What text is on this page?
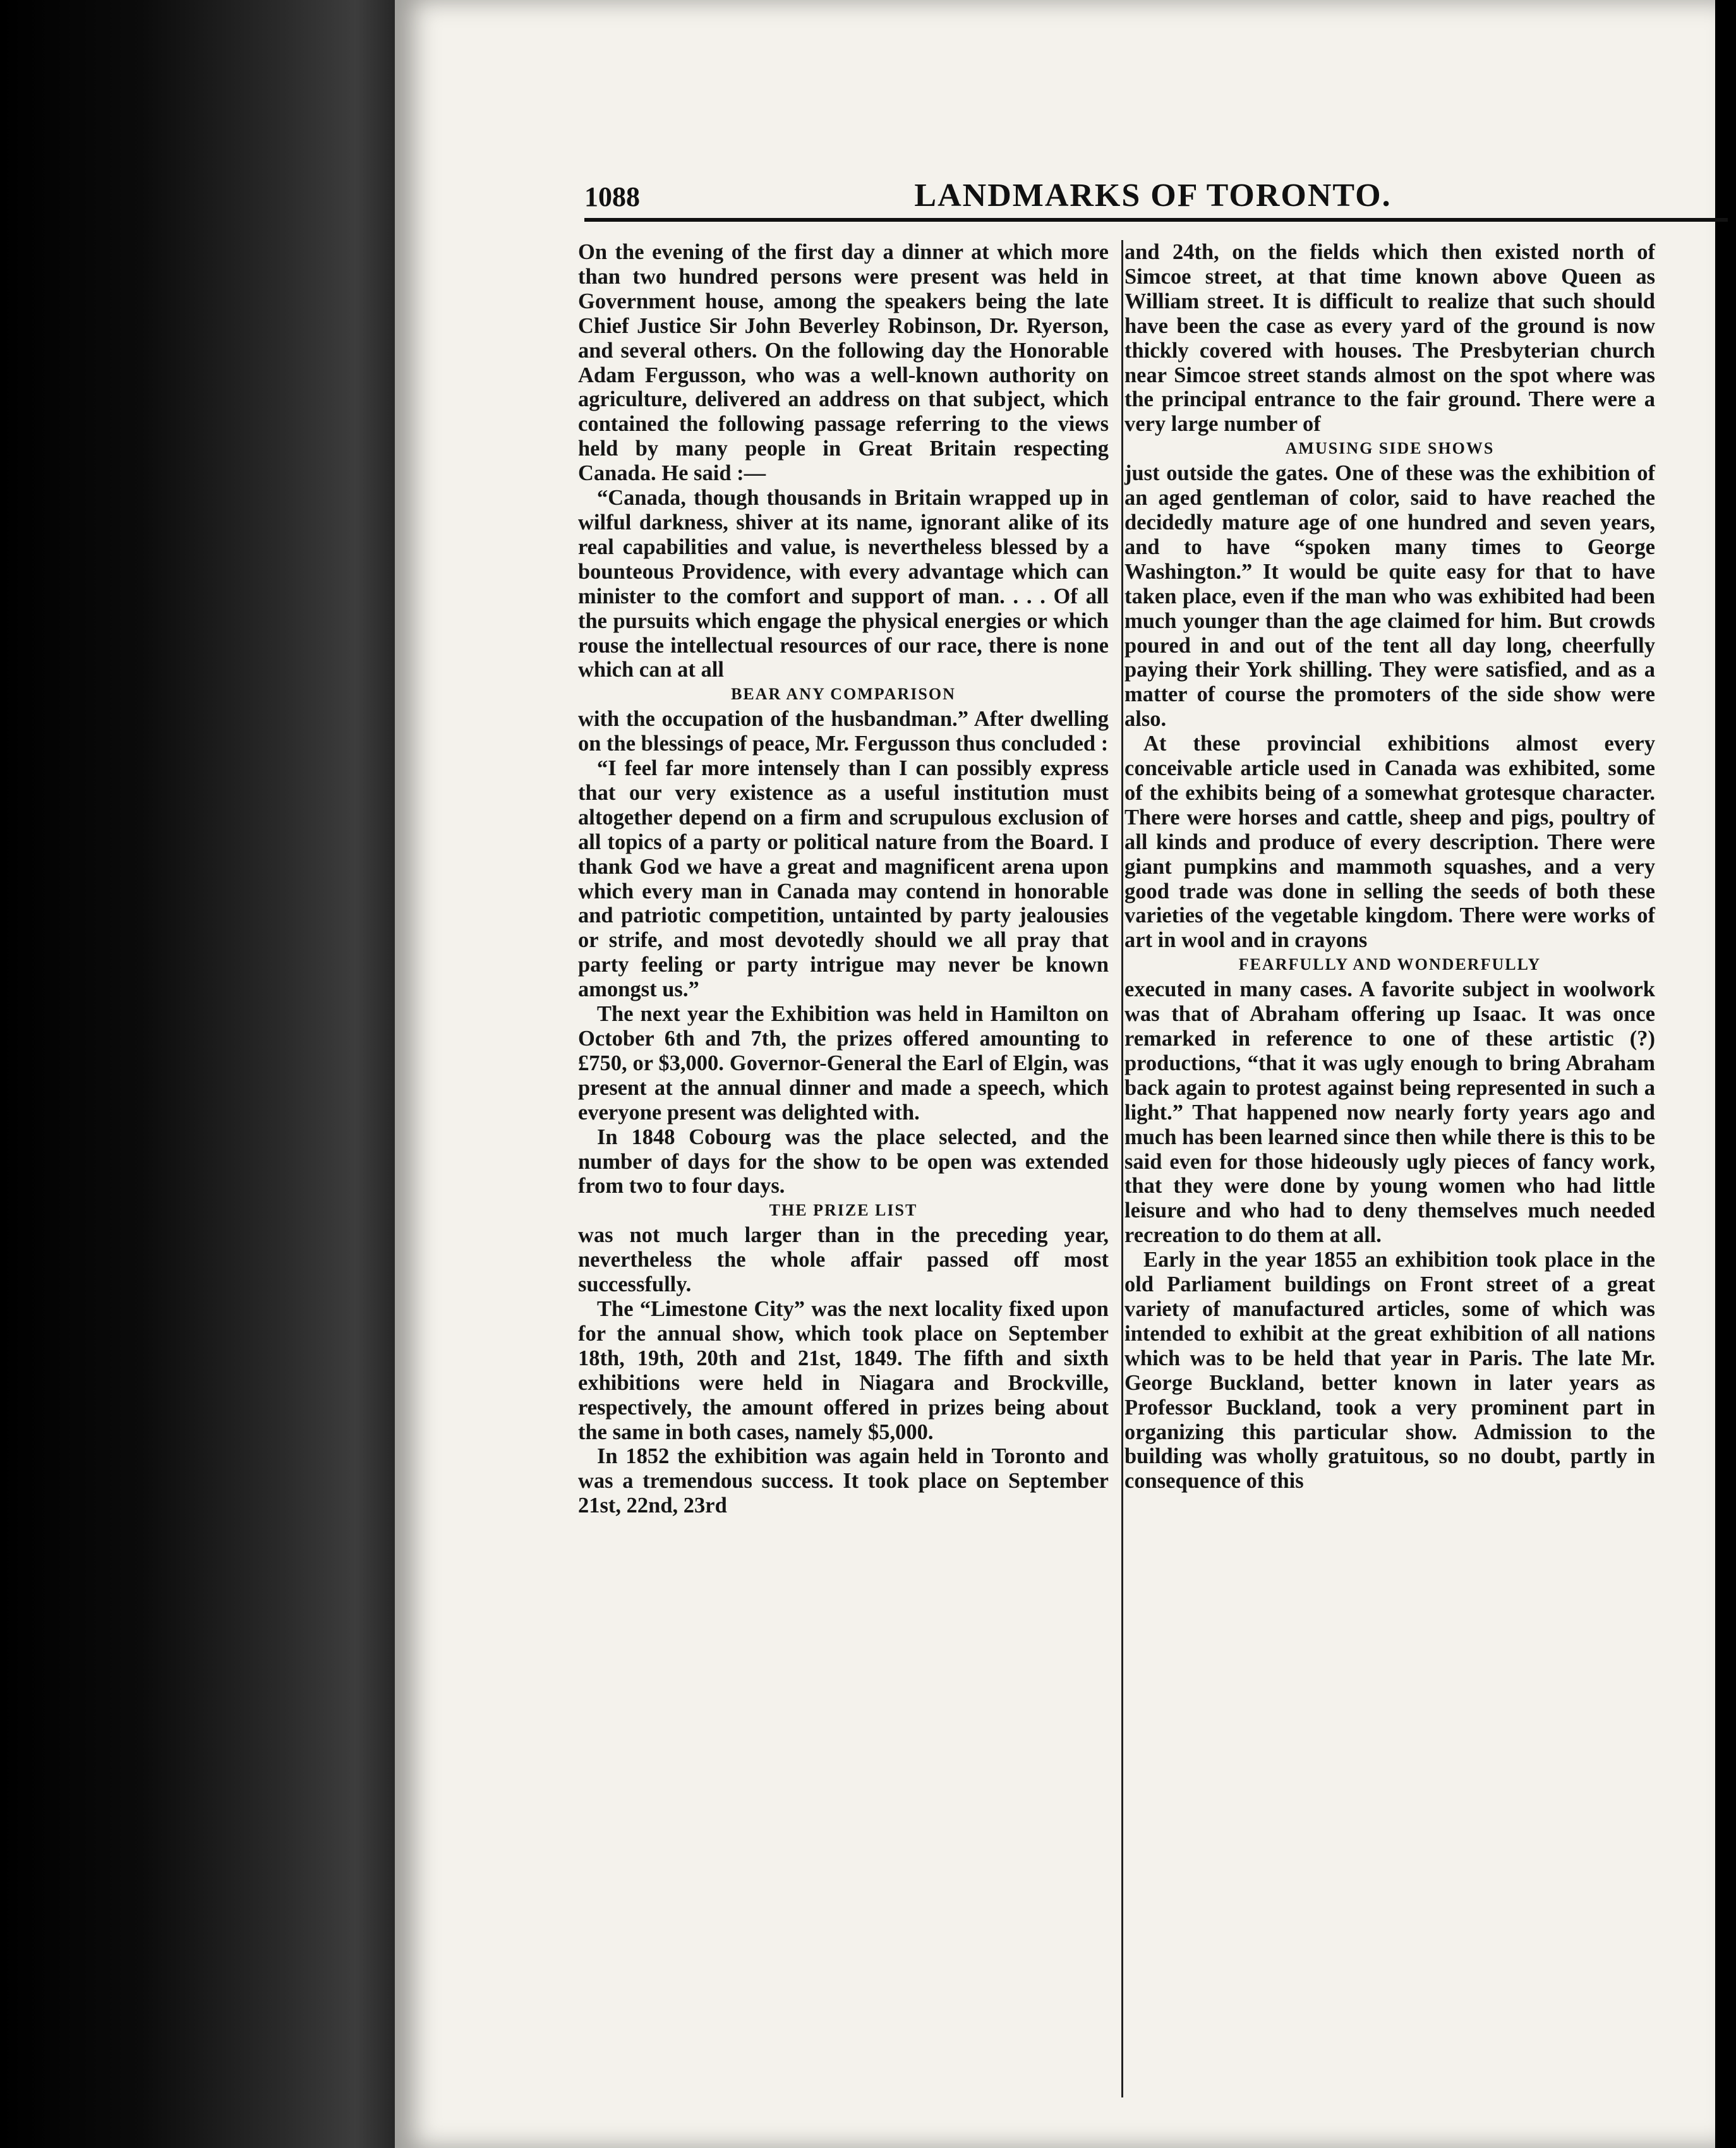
LANDMARKS OF TORONTO.
1088

On the evening of the first day a dinner at which more than two hundred persons were present was held in Government house, among the speakers being the late Chief Justice Sir John Beverley Robinson, Dr. Ryerson, and several others. On the following day the Honorable Adam Fergusson, who was a well-known authority on agriculture, delivered an address on that subject, which contained the following passage referring to the views held by many people in Great Britain respecting Canada. He said :—

“Canada, though thousands in Britain wrapped up in wilful darkness, shiver at its name, ignorant alike of its real capabilities and value, is nevertheless blessed by a bounteous Providence, with every advantage which can minister to the comfort and support of man. . . . Of all the pursuits which engage the physical energies or which rouse the intellectual resources of our race, there is none which can at all

BEAR ANY COMPARISON

with the occupation of the husbandman.” After dwelling on the blessings of peace, Mr. Fergusson thus concluded :

“I feel far more intensely than I can possibly express that our very existence as a useful institution must altogether depend on a firm and scrupulous exclusion of all topics of a party or political nature from the Board. I thank God we have a great and magnificent arena upon which every man in Canada may contend in honorable and patriotic competition, untainted by party jealousies or strife, and most devotedly should we all pray that party feeling or party intrigue may never be known amongst us.”

The next year the Exhibition was held in Hamilton on October 6th and 7th, the prizes offered amounting to £750, or $3,000. Governor-General the Earl of Elgin, was present at the annual dinner and made a speech, which everyone present was delighted with.

In 1848 Cobourg was the place selected, and the number of days for the show to be open was extended from two to four days.

THE PRIZE LIST

was not much larger than in the preceding year, nevertheless the whole affair passed off most successfully.

The “Limestone City” was the next locality fixed upon for the annual show, which took place on September 18th, 19th, 20th and 21st, 1849. The fifth and sixth exhibitions were held in Niagara and Brockville, respectively, the amount offered in prizes being about the same in both cases, namely $5,000.

In 1852 the exhibition was again held in Toronto and was a tremendous success. It took place on September 21st, 22nd, 23rd

and 24th, on the fields which then existed north of Simcoe street, at that time known above Queen as William street. It is difficult to realize that such should have been the case as every yard of the ground is now thickly covered with houses. The Presbyterian church near Simcoe street stands almost on the spot where was the principal entrance to the fair ground. There were a very large number of

AMUSING SIDE SHOWS

just outside the gates. One of these was the exhibition of an aged gentleman of color, said to have reached the decidedly mature age of one hundred and seven years, and to have “spoken many times to George Washington.” It would be quite easy for that to have taken place, even if the man who was exhibited had been much younger than the age claimed for him. But crowds poured in and out of the tent all day long, cheerfully paying their York shilling. They were satisfied, and as a matter of course the promoters of the side show were also.

At these provincial exhibitions almost every conceivable article used in Canada was exhibited, some of the exhibits being of a somewhat grotesque character. There were horses and cattle, sheep and pigs, poultry of all kinds and produce of every description. There were giant pumpkins and mammoth squashes, and a very good trade was done in selling the seeds of both these varieties of the vegetable kingdom. There were works of art in wool and in crayons

FEARFULLY AND WONDERFULLY

executed in many cases. A favorite subject in woolwork was that of Abraham offering up Isaac. It was once remarked in reference to one of these artistic (?) productions, “that it was ugly enough to bring Abraham back again to protest against being represented in such a light.” That happened now nearly forty years ago and much has been learned since then while there is this to be said even for those hideously ugly pieces of fancy work, that they were done by young women who had little leisure and who had to deny themselves much needed recreation to do them at all.

Early in the year 1855 an exhibition took place in the old Parliament buildings on Front street of a great variety of manufactured articles, some of which was intended to exhibit at the great exhibition of all nations which was to be held that year in Paris. The late Mr. George Buckland, better known in later years as Professor Buckland, took a very prominent part in organizing this particular show. Admission to the building was wholly gratuitous, so no doubt, partly in consequence of this
